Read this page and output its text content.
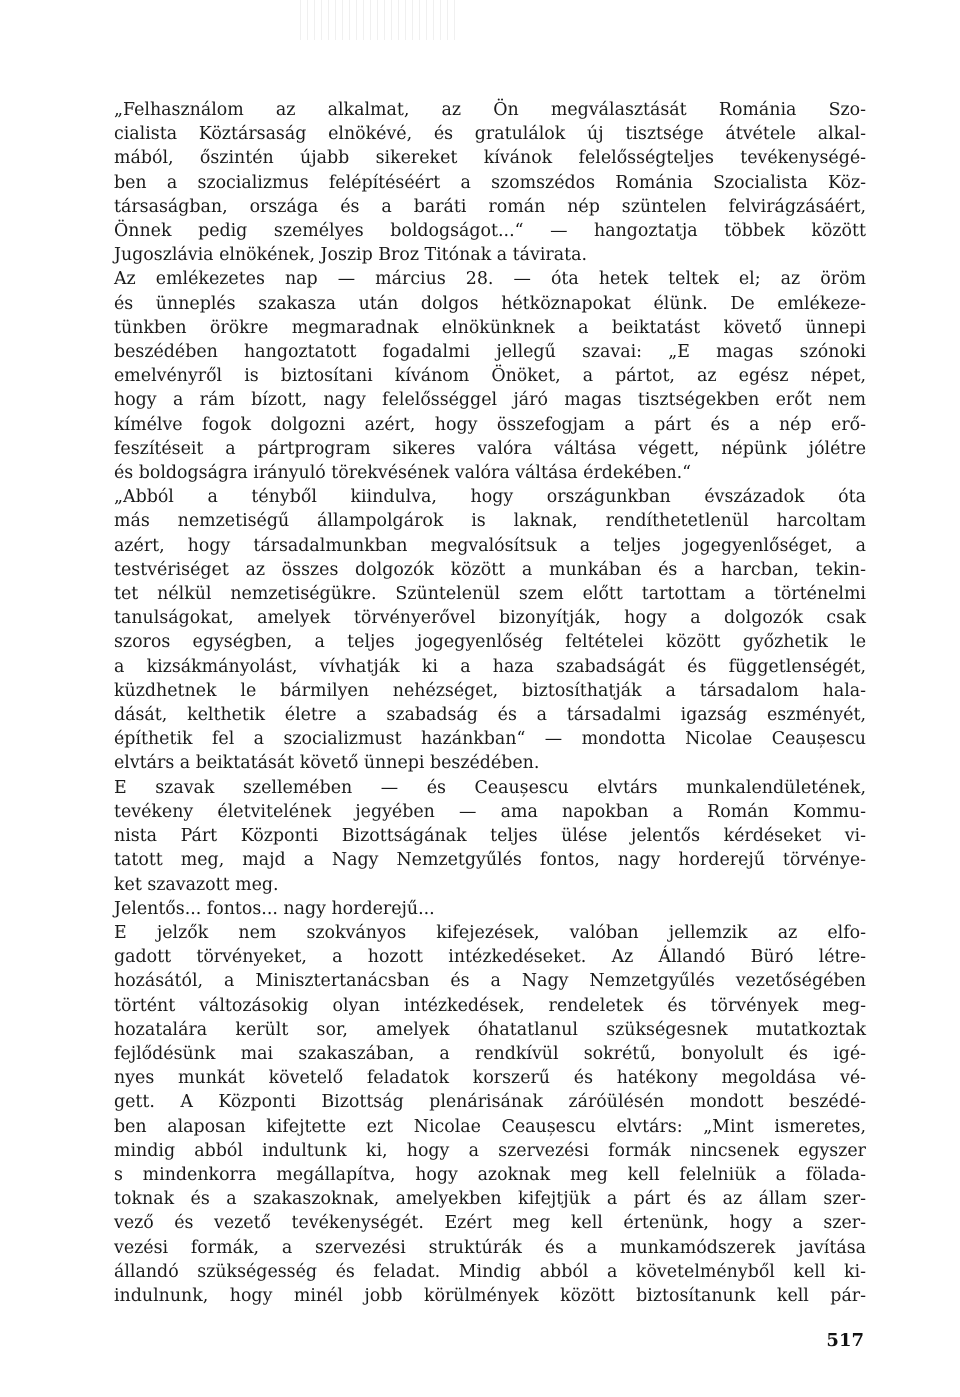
„Felhasználom az alkalmat, az Ön megválasztását Románia Szo-
cialista Köztársaság elnökévé, és gratulálok új tisztsége átvétele alkal-
mából, őszintén újabb sikereket kívánok felelősségteljes tevékenységé-
ben a szocializmus felépítéséért a szomszédos Románia Szocialista Köz-
társaságban, országa és a baráti román nép szüntelen felvirágzásáért,
Önnek pedig személyes boldogságot...“ — hangoztatja többek között
Jugoszlávia elnökének, Joszip Broz Titónak a távirata.

Az emlékezetes nap — március 28. — óta hetek teltek el; az öröm
és ünneplés szakasza után dolgos hétköznapokat élünk. De emlékeze-
tünkben örökre megmaradnak elnökünknek a beiktatást követő ünnepi
beszédében hangoztatott fogadalmi jellegű szavai: „E magas szónoki
emelvényről is biztosítani kívánom Önöket, a pártot, az egész népet,
hogy a rám bízott, nagy felelősséggel járó magas tisztségekben erőt nem
kímélve fogok dolgozni azért, hogy összefogjam a párt és a nép erő-
feszítéseit a pártprogram sikeres valóra váltása végett, népünk jólétre
és boldogságra irányuló törekvésének valóra váltása érdekében.“

„Abból a tényből kiindulva, hogy országunkban évszázadok óta
más nemzetiségű állampolgárok is laknak, rendíthetetlenül harcoltam
azért, hogy társadalmunkban megvalósítsuk a teljes jogegyenlőséget, a
testvériséget az összes dolgozók között a munkában és a harcban, tekin-
tet nélkül nemzetiségükre. Szüntelenül szem előtt tartottam a történelmi
tanulságokat, amelyek törvényerővel bizonyítják, hogy a dolgozók csak
szoros egységben, a teljes jogegyenlőség feltételei között győzhetik le
a kizsákmányolást, vívhatják ki a haza szabadságát és függetlenségét,
küzdhetnek le bármilyen nehézséget, biztosíthatják a társadalom hala-
dását, kelthetik életre a szabadság és a társadalmi igazság eszményét,
építhetik fel a szocializmust hazánkban“ — mondotta Nicolae Ceaușescu
elvtárs a beiktatását követő ünnepi beszédében.

E szavak szellemében — és Ceaușescu elvtárs munkalendületének,
tevékeny életvitelének jegyében — ama napokban a Román Kommu-
nista Párt Központi Bizottságának teljes ülése jelentős kérdéseket vi-
tatott meg, majd a Nagy Nemzetgyűlés fontos, nagy horderejű törvénye-
ket szavazott meg.

Jelentős... fontos... nagy horderejű...

E jelzők nem szokványos kifejezések, valóban jellemzik az elfo-
gadott törvényeket, a hozott intézkedéseket. Az Állandó Büró létre-
hozásától, a Minisztertanácsban és a Nagy Nemzetgyűlés vezetőségében
történt változásokig olyan intézkedések, rendeletek és törvények meg-
hozatalára került sor, amelyek óhatatlanul szükségesnek mutatkoztak
fejlődésünk mai szakaszában, a rendkívül sokrétű, bonyolult és igé-
nyes munkát követelő feladatok korszerű és hatékony megoldása vé-
gett. A Központi Bizottság plenárisának záróülésén mondott beszédé-
ben alaposan kifejtette ezt Nicolae Ceaușescu elvtárs: „Mint ismeretes,
mindig abból indultunk ki, hogy a szervezési formák nincsenek egyszer
s mindenkorra megállapítva, hogy azoknak meg kell felelniük a fölada-
toknak és a szakaszoknak, amelyekben kifejtjük a párt és az állam szer-
vező és vezető tevékenységét. Ezért meg kell értenünk, hogy a szer-
vezési formák, a szervezési struktúrák és a munkamódszerek javítása
állandó szükségesség és feladat. Mindig abból a követelményből kell ki-
indulnunk, hogy minél jobb körülmények között biztosítanunk kell pár-

517
